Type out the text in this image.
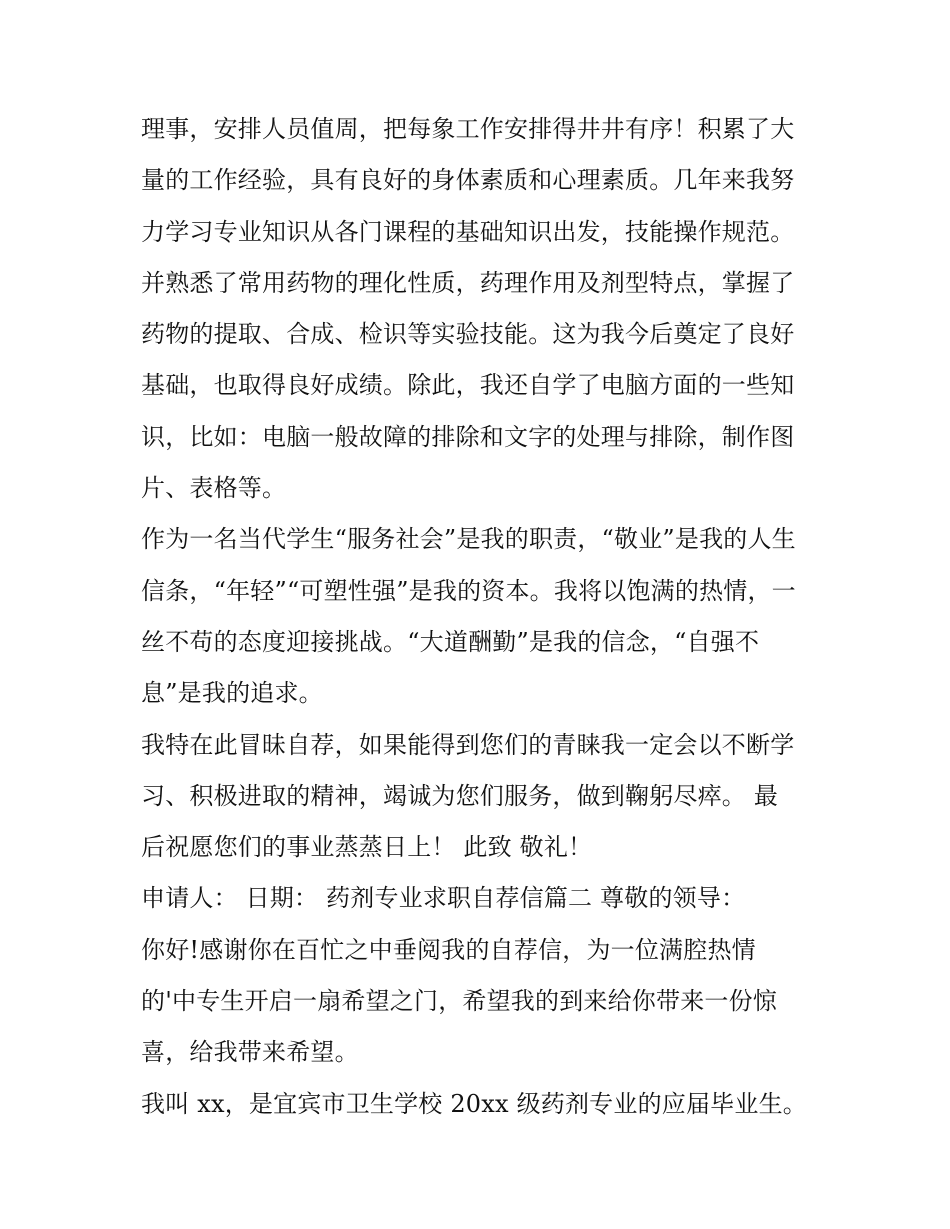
理事，安排人员值周，把每象工作安排得井井有序！积累了大
量的工作经验，具有良好的身体素质和心理素质。几年来我努
力学习专业知识从各门课程的基础知识出发，技能操作规范。
并熟悉了常用药物的理化性质，药理作用及剂型特点，掌握了
药物的提取、合成、检识等实验技能。这为我今后奠定了良好
基础，也取得良好成绩。除此，我还自学了电脑方面的一些知
识，比如：电脑一般故障的排除和文字的处理与排除，制作图
片、表格等。
作为一名当代学生“服务社会”是我的职责，“敬业”是我的人生
信条，“年轻”“可塑性强”是我的资本。我将以饱满的热情，一
丝不苟的态度迎接挑战。“大道酬勤”是我的信念，“自强不
息”是我的追求。
我特在此冒昧自荐，如果能得到您们的青睐我一定会以不断学
习、积极进取的精神，竭诚为您们服务，做到鞠躬尽瘁。 最
后祝愿您们的事业蒸蒸日上！ 此致 敬礼！
申请人： 日期： 药剂专业求职自荐信篇二 尊敬的领导：
你好!感谢你在百忙之中垂阅我的自荐信，为一位满腔热情
的'中专生开启一扇希望之门，希望我的到来给你带来一份惊
喜，给我带来希望。
我叫 xx，是宜宾市卫生学校 20xx 级药剂专业的应届毕业生。
